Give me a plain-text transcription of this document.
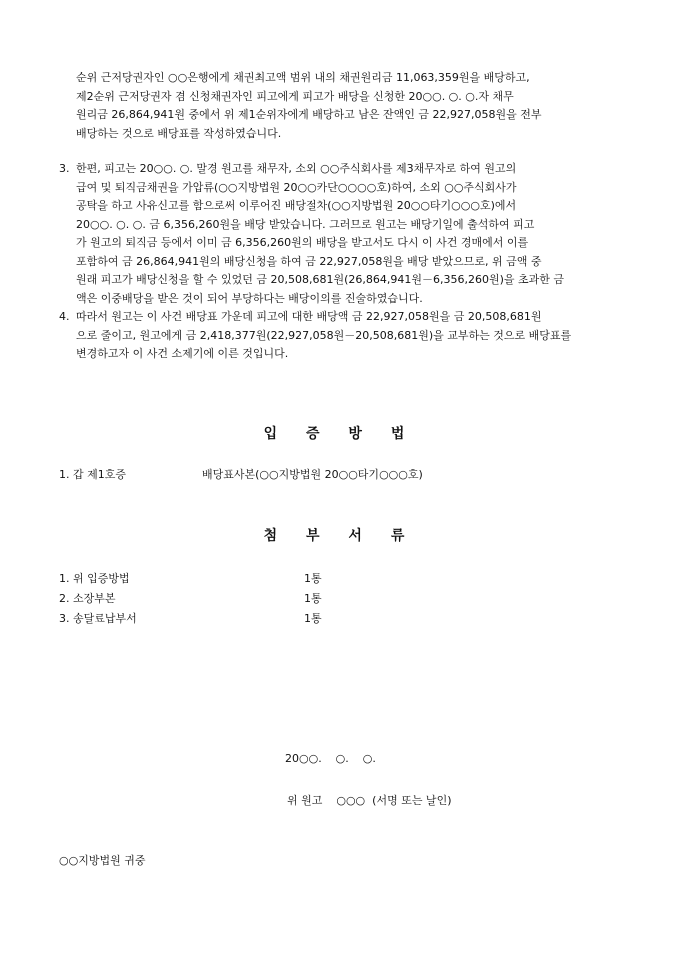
순위 근저당권자인 ○○은행에게 채권최고액 범위 내의 채권원리금 11,063,359원을 배당하고,
제2순위 근저당권자 겸 신청채권자인 피고에게 피고가 배당을 신청한 20○○. ○. ○.자 채무
원리금 26,864,941원 중에서 위 제1순위자에게 배당하고 남은 잔액인 금 22,927,058원을 전부
배당하는 것으로 배당표를 작성하였습니다.
3. 한편, 피고는 20○○. ○. 말경 원고를 채무자, 소외 ○○주식회사를 제3채무자로 하여 원고의
급여 및 퇴직금채권을 가압류(○○지방법원 20○○카단○○○○호)하여, 소외 ○○주식회사가
공탁을 하고 사유신고를 함으로써 이루어진 배당절차(○○지방법원 20○○타기○○○호)에서
20○○. ○. ○. 금 6,356,260원을 배당 받았습니다. 그러므로 원고는 배당기일에 출석하여 피고
가 원고의 퇴직금 등에서 이미 금 6,356,260원의 배당을 받고서도 다시 이 사건 경매에서 이를
포함하여 금 26,864,941원의 배당신청을 하여 금 22,927,058원을 배당 받았으므로, 위 금액 중
원래 피고가 배당신청을 할 수 있었던 금 20,508,681원(26,864,941원－6,356,260원)을 초과한 금
액은 이중배당을 받은 것이 되어 부당하다는 배당이의를 진술하였습니다.
4. 따라서 원고는 이 사건 배당표 가운데 피고에 대한 배당액 금 22,927,058원을 금 20,508,681원
으로 줄이고, 원고에게 금 2,418,377원(22,927,058원－20,508,681원)을 교부하는 것으로 배당표를
변경하고자 이 사건 소제기에 이른 것입니다.
입 증 방 법
1. 갑 제1호증	배당표사본(○○지방법원 20○○타기○○○호)
첨 부 서 류
1. 위 입증방법	1통
2. 소장부본	1통
3. 송달료납부서	1통
20○○.    ○.    ○.
위 원고    ○○○  (서명 또는 날인)
○○지방법원 귀중
